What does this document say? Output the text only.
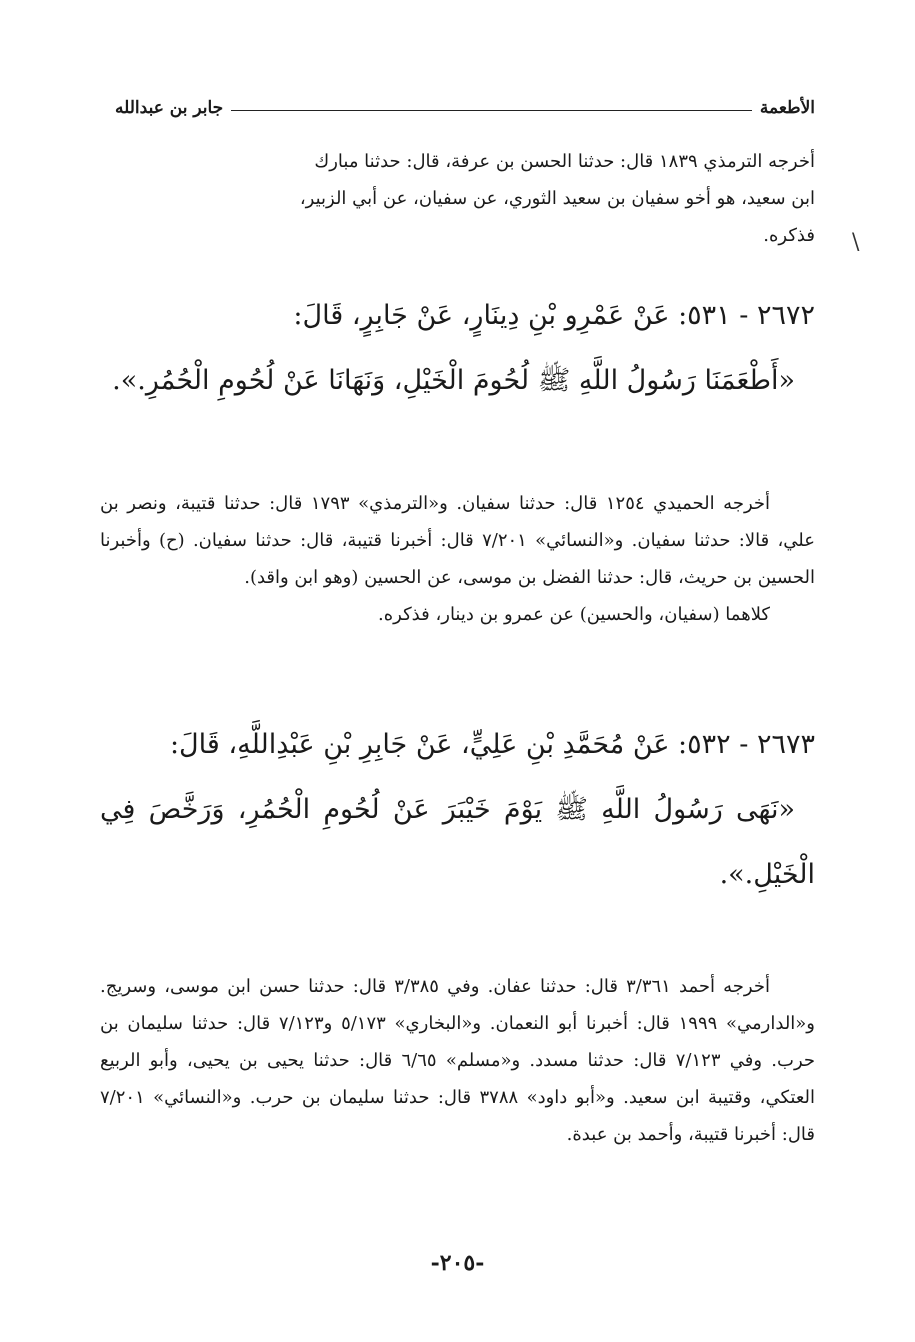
الأطعمة
جابر بن عبدالله
\

أخرجه الترمذي ١٨٣٩ قال: حدثنا الحسن بن عرفة، قال: حدثنا مبارك

ابن سعيد، هو أخو سفيان بن سعيد الثوري، عن سفيان، عن أبي الزبير،

فذكره.

٢٦٧٢ - ٥٣١: عَنْ عَمْرِو بْنِ دِينَارٍ، عَنْ جَابِرٍ، قَالَ:

«أَطْعَمَنَا رَسُولُ اللَّهِ ﷺ لُحُومَ الْخَيْلِ، وَنَهَانَا عَنْ لُحُومِ الْحُمُرِ.».

أخرجه الحميدي ١٢٥٤ قال: حدثنا سفيان. و«الترمذي» ١٧٩٣ قال: حدثنا قتيبة، ونصر بن علي، قالا: حدثنا سفيان. و«النسائي» ٧/٢٠١ قال: أخبرنا قتيبة، قال: حدثنا سفيان. (ح) وأخبرنا الحسين بن حريث، قال: حدثنا الفضل بن موسى، عن الحسين (وهو ابن واقد).

كلاهما (سفيان، والحسين) عن عمرو بن دينار، فذكره.

٢٦٧٣ - ٥٣٢: عَنْ مُحَمَّدِ بْنِ عَلِيٍّ، عَنْ جَابِرِ بْنِ عَبْدِاللَّهِ، قَالَ:

«نَهَى رَسُولُ اللَّهِ ﷺ يَوْمَ خَيْبَرَ عَنْ لُحُومِ الْحُمُرِ، وَرَخَّصَ فِي الْخَيْلِ.».

أخرجه أحمد ٣/٣٦١ قال: حدثنا عفان. وفي ٣/٣٨٥ قال: حدثنا حسن ابن موسى، وسريج. و«الدارمي» ١٩٩٩ قال: أخبرنا أبو النعمان. و«البخاري» ٥/١٧٣ و٧/١٢٣ قال: حدثنا سليمان بن حرب. وفي ٧/١٢٣ قال: حدثنا مسدد. و«مسلم» ٦/٦٥ قال: حدثنا يحيى بن يحيى، وأبو الربيع العتكي، وقتيبة ابن سعيد. و«أبو داود» ٣٧٨٨ قال: حدثنا سليمان بن حرب. و«النسائي» ٧/٢٠١ قال: أخبرنا قتيبة، وأحمد بن عبدة.

-٢٠٥-
